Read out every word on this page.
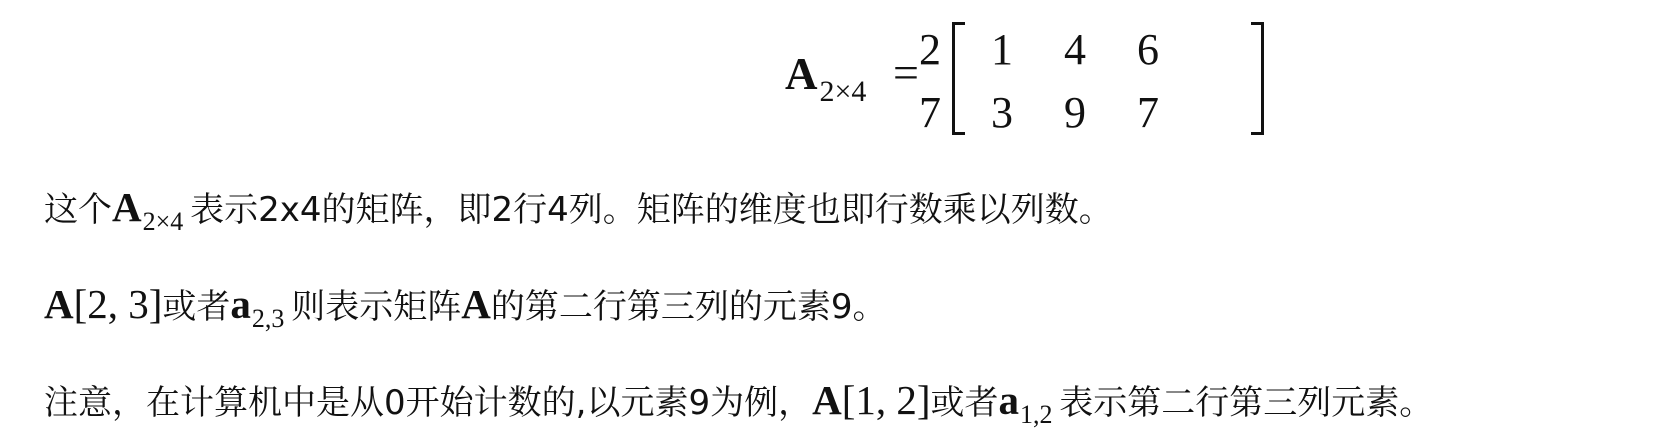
$A_{2\times 4} = 2$ 1 4 6
7 3 9 7
这个$A_{2\times 4}$  表示2x4的矩阵，即2行4列。矩阵的维度也即行数乘以列数。
A[2, 3]或者$a_{2,3}$  则表示矩阵A的第二行第三列的元素9。
注意，在计算机中是从0开始计数的,以元素9为例，A[1, 2]或者$a_{1,2}$  表示第二行第三列元素。
